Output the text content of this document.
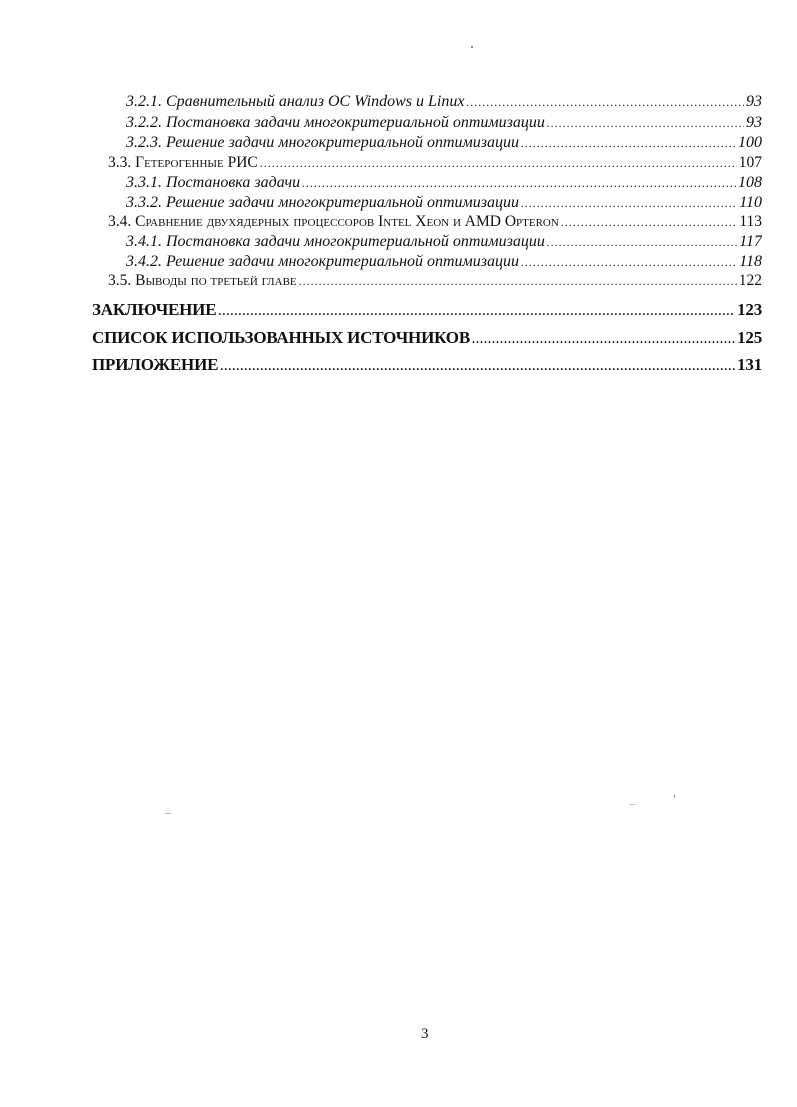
3.2.1. Сравнительный анализ ОС Windows и Linux .....	93
3.2.2. Постановка задачи многокритериальной оптимизации .....	93
3.2.3. Решение задачи многокритериальной оптимизации .....	100
3.3. Гетерогенные РИС .....	107
3.3.1. Постановка задачи .....	108
3.3.2. Решение задачи многокритериальной оптимизации .....	110
3.4. Сравнение двухядерных процессоров Intel Xeon и AMD Opteron .....	113
3.4.1. Постановка задачи многокритериальной оптимизации .....	117
3.4.2. Решение задачи многокритериальной оптимизации .....	118
3.5. Выводы по третьей главе .....	122
ЗАКЛЮЧЕНИЕ .....	123
СПИСОК ИСПОЛЬЗОВАННЫХ ИСТОЧНИКОВ .....	125
ПРИЛОЖЕНИЕ .....	131
3
